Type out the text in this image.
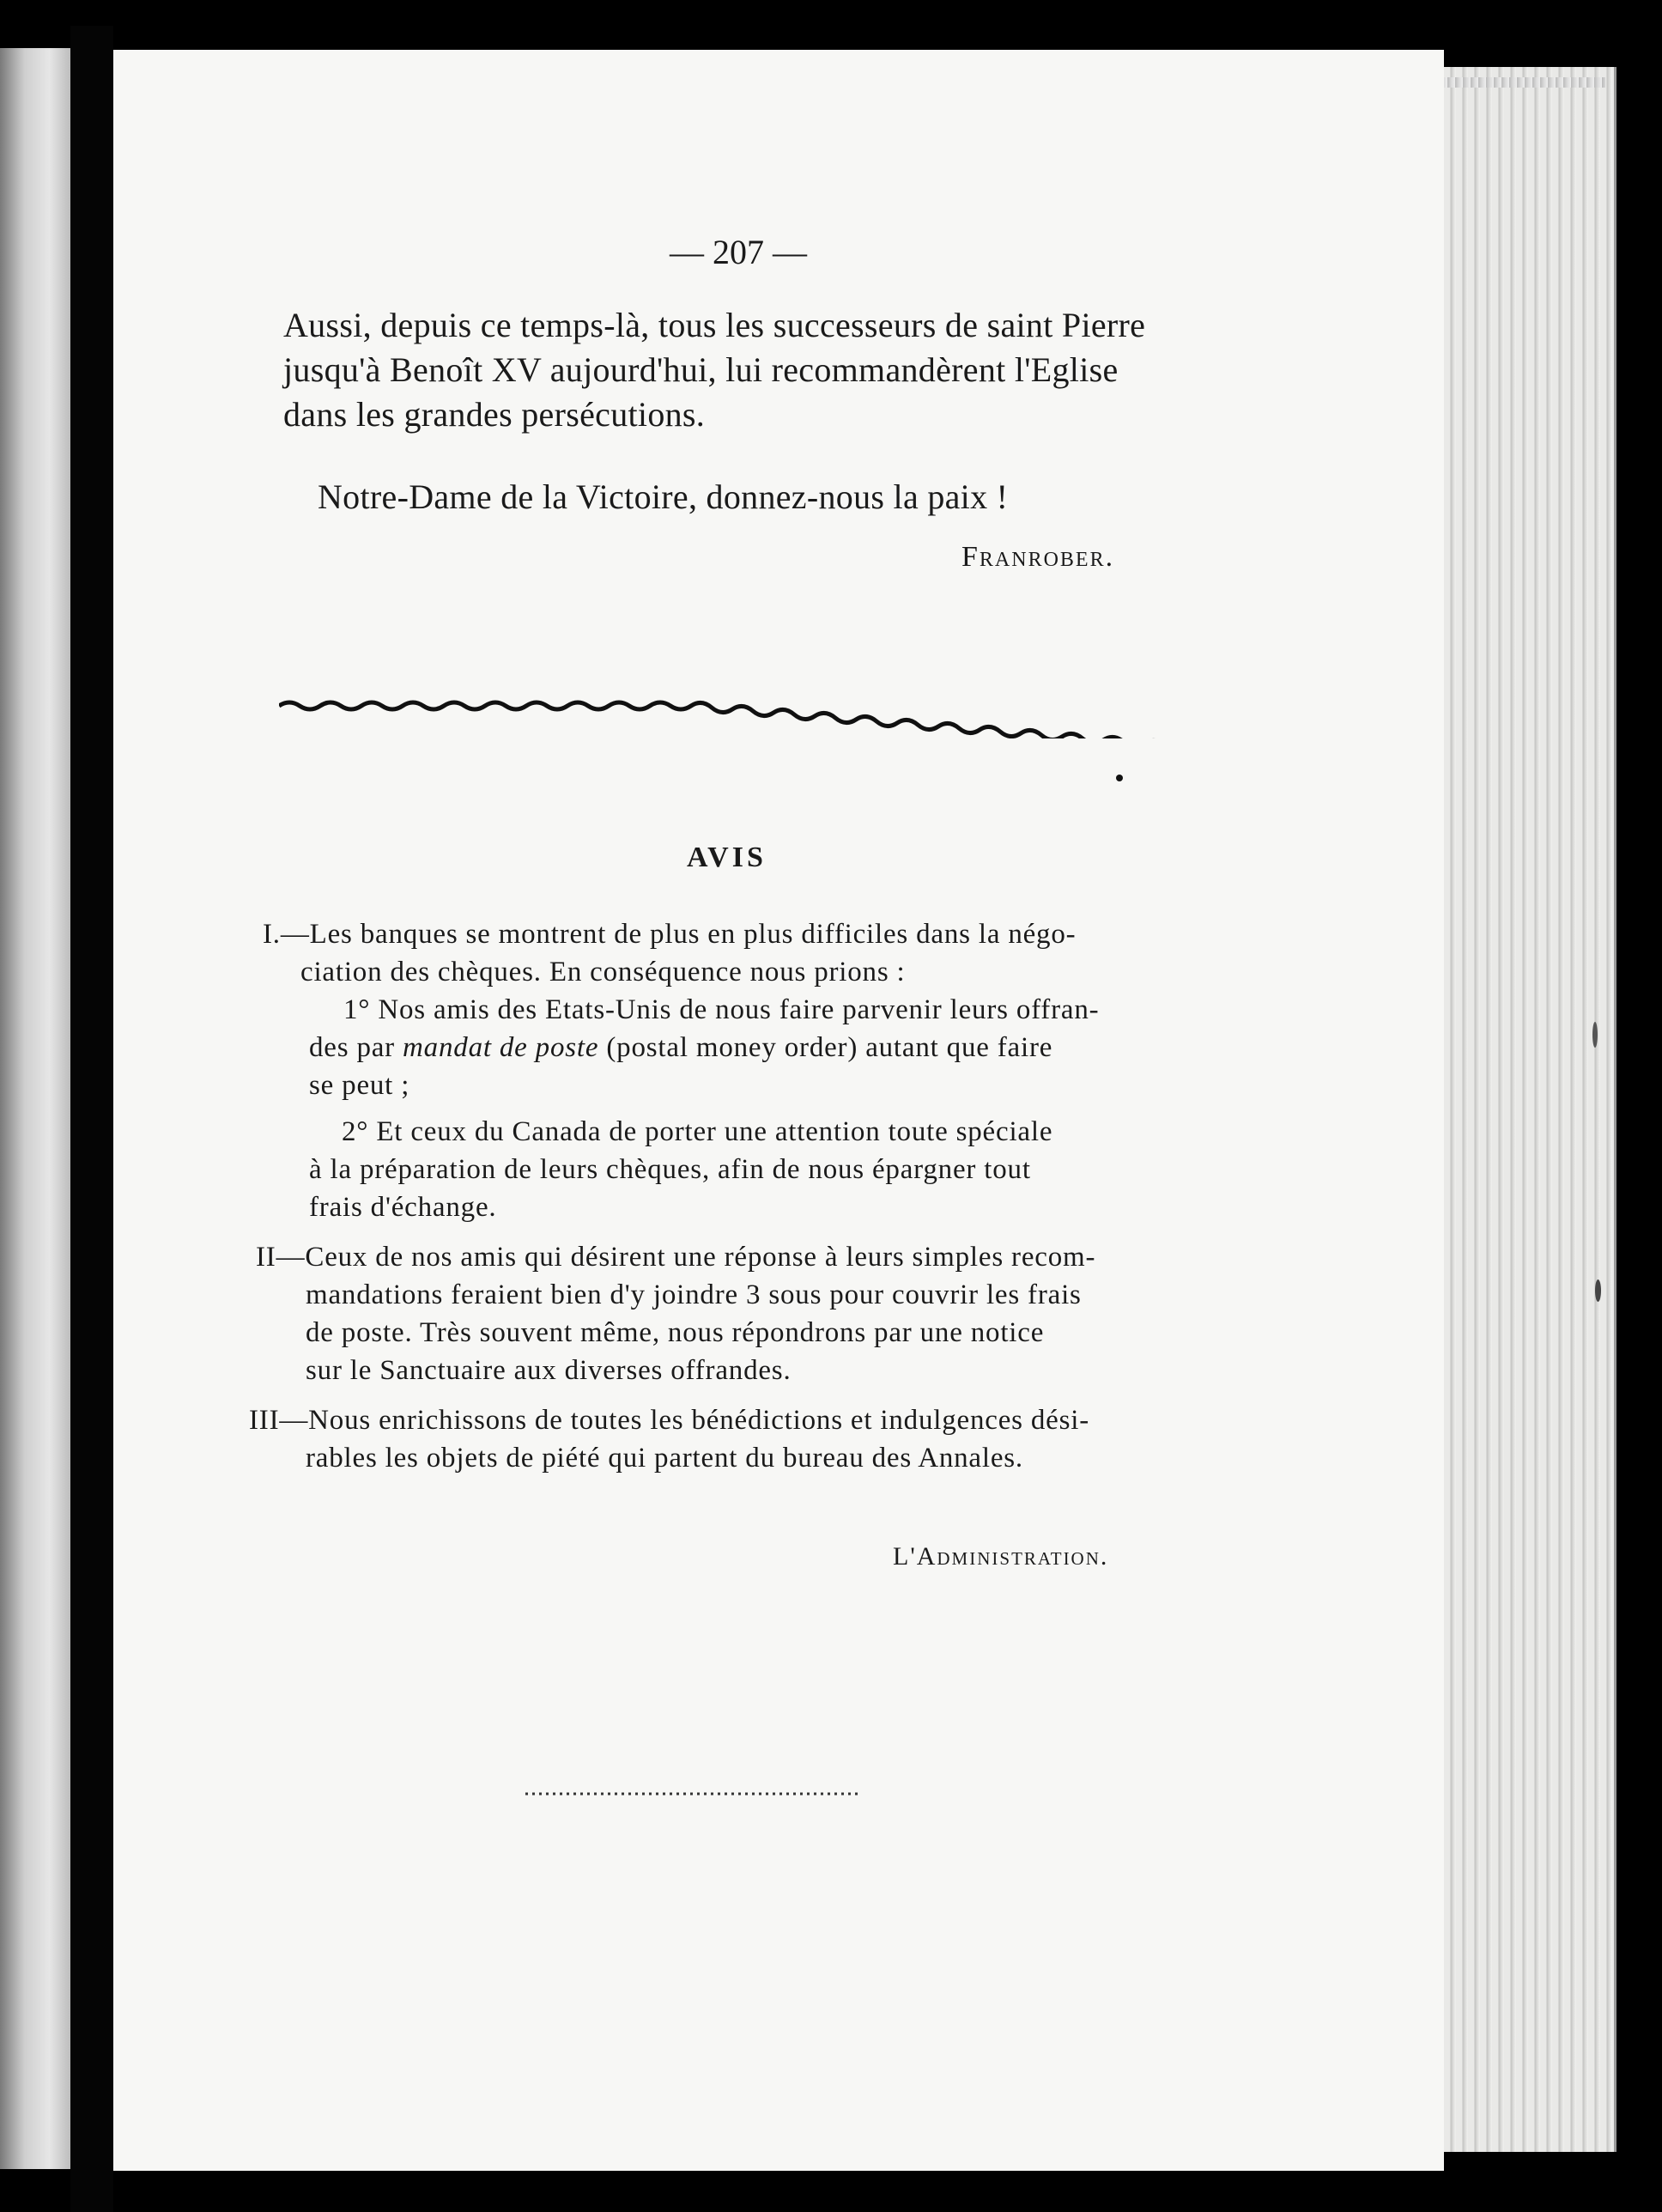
— 207 —
Aussi, depuis ce temps-là, tous les successeurs de saint Pierre
jusqu'à Benoît XV aujourd'hui, lui recommandèrent l'Eglise
dans les grandes persécutions.
Notre-Dame de la Victoire, donnez-nous la paix !
Franrober.
AVIS
I.—Les banques se montrent de plus en plus difficiles dans la négo-
ciation des chèques. En conséquence nous prions :
1° Nos amis des Etats-Unis de nous faire parvenir leurs offran-
des par mandat de poste (postal money order) autant que faire
se peut ;
2° Et ceux du Canada de porter une attention toute spéciale
à la préparation de leurs chèques, afin de nous épargner tout
frais d'échange.
II—Ceux de nos amis qui désirent une réponse à leurs simples recom-
mandations feraient bien d'y joindre 3 sous pour couvrir les frais
de poste. Très souvent même, nous répondrons par une notice
sur le Sanctuaire aux diverses offrandes.
III—Nous enrichissons de toutes les bénédictions et indulgences dési-
rables les objets de piété qui partent du bureau des Annales.
L'Administration.
